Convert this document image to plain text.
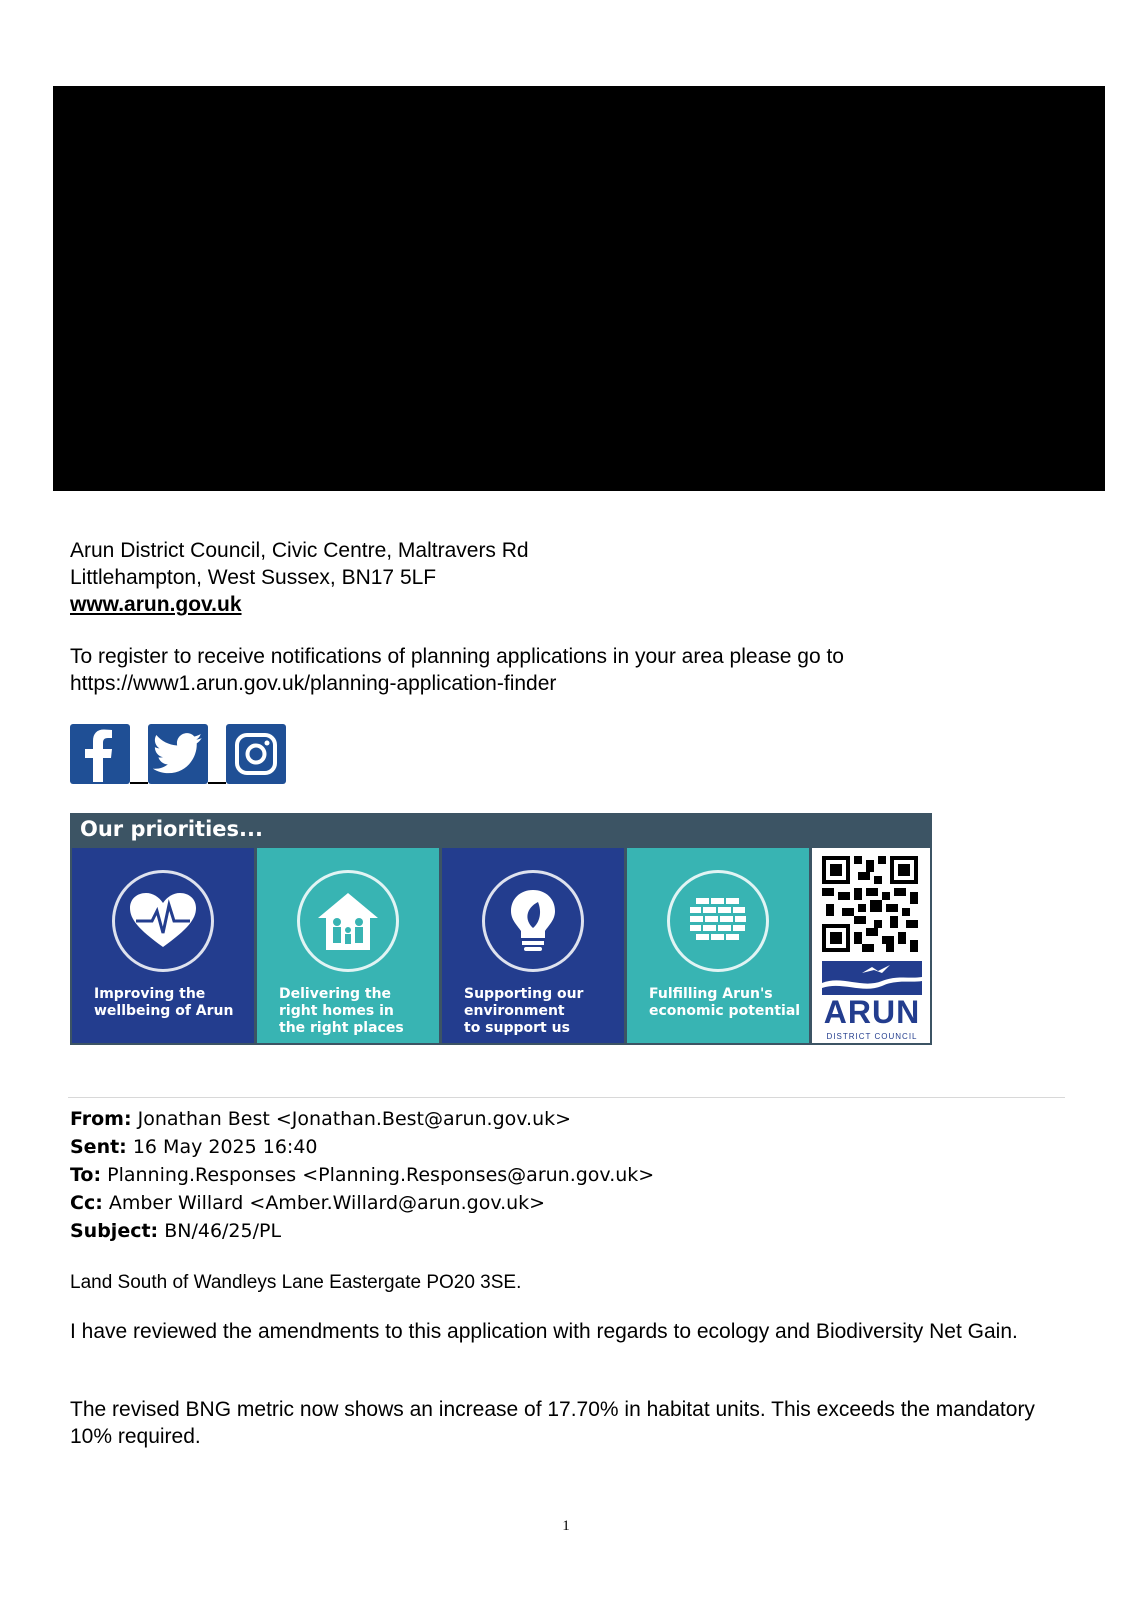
Arun District Council, Civic Centre, Maltravers Rd
Littlehampton, West Sussex, BN17 5LF
www.arun.gov.uk
To register to receive notifications of planning applications in your area please go to
https://www1.arun.gov.uk/planning-application-finder
Our priorities...
Improving the
wellbeing of Arun
Delivering the
right homes in
the right places
Supporting our
environment
to support us
Fulfilling Arun's
economic potential ARUN
DISTRICT COUNCIL
From: Jonathan Best <Jonathan.Best@arun.gov.uk>
Sent: 16 May 2025 16:40
To: Planning.Responses <Planning.Responses@arun.gov.uk>
Cc: Amber Willard <Amber.Willard@arun.gov.uk>
Subject: BN/46/25/PL
Land South of Wandleys Lane Eastergate PO20 3SE.
I have reviewed the amendments to this application with regards to ecology and Biodiversity Net Gain.
The revised BNG metric now shows an increase of 17.70% in habitat units. This exceeds the mandatory 10% required.
1
